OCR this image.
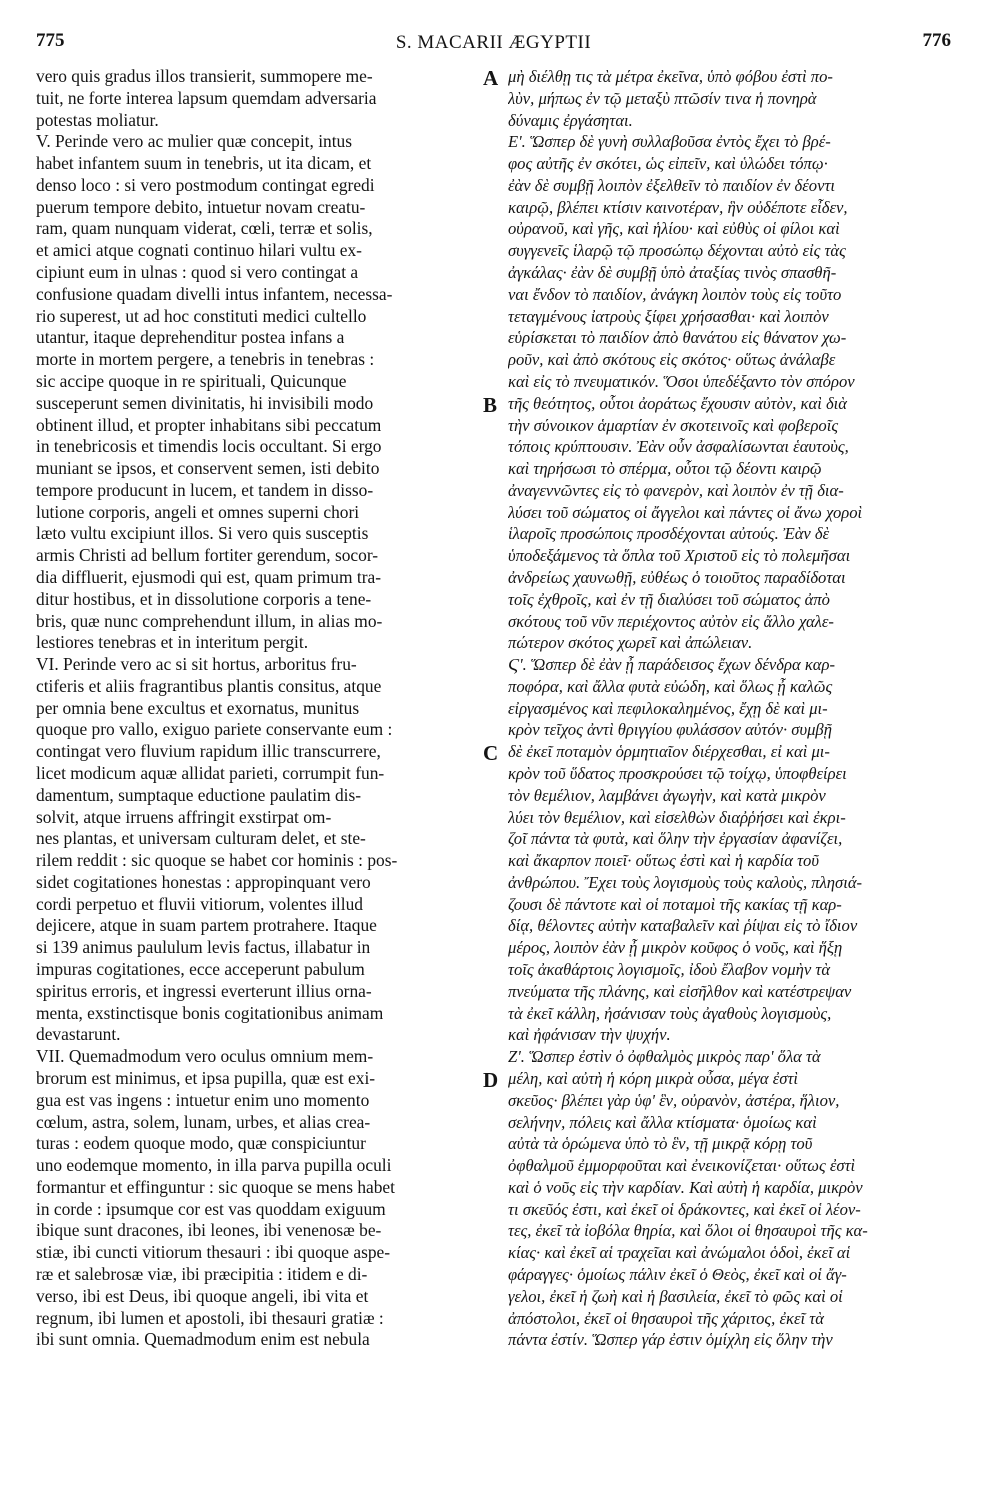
775	S. MACARII ÆGYPTII	776
vero quis gradus illos transierit, summopere me-
tuit, ne forte interea lapsum quemdam adversaria
potestas moliatur.
V. Perinde vero ac mulier quæ concepit, intus
habet infantem suum in tenebris, ut ita dicam, et
denso loco : si vero postmodum contingat egredi
puerum tempore debito, intuetur novam creatu-
ram, quam nunquam viderat, cœli, terræ et solis,
et amici atque cognati continuo hilari vultu ex-
cipiunt eum in ulnas : quod si vero contingat a
confusione quadam divelli intus infantem, necessa-
rio superest, ut ad hoc constituti medici cultello
utantur, itaque deprehenditur postea infans a
morte in mortem pergere, a tenebris in tenebras :
sic accipe quoque in re spirituali, Quicunque
susceperunt semen divinitatis, hi invisibili modo
obtinent illud, et propter inhabitans sibi peccatum
in tenebricosis et timendis locis occultant. Si ergo
muniant se ipsos, et conservent semen, isti debito
tempore producunt in lucem, et tandem in disso-
lutione corporis, angeli et omnes superni chori
læto vultu excipiunt illos. Si vero quis susceptis
armis Christi ad bellum fortiter gerendum, socor-
dia diffluerit, ejusmodi qui est, quam primum tra-
ditur hostibus, et in dissolutione corporis a tene-
bris, quæ nunc comprehendunt illum, in alias mo-
lestiores tenebras et in interitum pergit.
VI. Perinde vero ac si sit hortus, arboritus fru-
ctiferis et aliis fragrantibus plantis consitus, atque
per omnia bene excultus et exornatus, munitus
quoque pro vallo, exiguo pariete conservante eum :
contingat vero fluvium rapidum illic transcurrere,
licet modicum aquæ allidat parieti, corrumpit fun-
damentum, sumptaque eductione paulatim dis-
solvit, atque irruens affringit exstirpat om-
nes plantas, et universam culturam delet, et ste-
rilem reddit : sic quoque se habet cor hominis : pos-
sidet cogitationes honestas : appropinquant vero
cordi perpetuo et fluvii vitiorum, volentes illud
dejicere, atque in suam partem protrahere. Itaque
si 139 animus paululum levis factus, illabatur in
impuras cogitationes, ecce acceperunt pabulum
spiritus erroris, et ingressi everterunt illius orna-
menta, exstinctisque bonis cogitationibus animam
devastarunt.
VII. Quemadmodum vero oculus omnium mem-
brorum est minimus, et ipsa pupilla, quæ est exi-
gua est vas ingens : intuetur enim uno momento
cœlum, astra, solem, lunam, urbes, et alias crea-
turas : eodem quoque modo, quæ conspiciuntur
uno eodemque momento, in illa parva pupilla oculi
formantur et effinguntur : sic quoque se mens habet
in corde : ipsumque cor est vas quoddam exiguum
ibique sunt dracones, ibi leones, ibi venenosæ be-
stiæ, ibi cuncti vitiorum thesauri : ibi quoque aspe-
ræ et salebrosæ viæ, ibi præcipitia : itidem e di-
verso, ibi est Deus, ibi quoque angeli, ibi vita et
regnum, ibi lumen et apostoli, ibi thesauri gratiæ :
ibi sunt omnia. Quemadmodum enim est nebula
μὴ διέλθῃ τις τὰ μέτρα ἐκεῖνα, ὑπὸ φόβου ἐστὶ πο-
λὺν, μήπως ἐν τῷ μεταξὺ πτῶσίν τινα ἡ πονηρὰ
δύναμις ἐργάσηται.
Ε'. Ὥσπερ δὲ γυνὴ συλλαβοῦσα ἐντὸς ἔχει τὸ βρέ-
φος αὐτῆς ἐν σκότει, ὡς εἰπεῖν, καὶ ὑλώδει τόπῳ·
ἐὰν δὲ συμβῇ λοιπὸν ἐξελθεῖν τὸ παιδίον ἐν δέοντι
καιρῷ, βλέπει κτίσιν καινοτέραν, ἣν οὐδέποτε εἶδεν,
οὐρανοῦ, καὶ γῆς, καὶ ἡλίου· καὶ εὐθὺς οἱ φίλοι καὶ
συγγενεῖς ἱλαρῷ τῷ προσώπῳ δέχονται αὐτὸ εἰς τὰς
ἀγκάλας· ἐὰν δὲ συμβῇ ὑπὸ ἀταξίας τινὸς σπασθῆ-
ναι ἔνδον τὸ παιδίον, ἀνάγκη λοιπὸν τοὺς εἰς τοῦτο
τεταγμένους ἰατροὺς ξίφει χρήσασθαι· καὶ λοιπὸν
εὑρίσκεται τὸ παιδίον ἀπὸ θανάτου εἰς θάνατον χω-
ροῦν, καὶ ἀπὸ σκότους εἰς σκότος· οὕτως ἀνάλαβε
καὶ εἰς τὸ πνευματικόν. Ὅσοι ὑπεδέξαντο τὸν σπόρον
τῆς θεότητος, οὗτοι ἀοράτως ἔχουσιν αὐτὸν, καὶ διὰ
τὴν σύνοικον ἁμαρτίαν ἐν σκοτεινοῖς καὶ φοβεροῖς
τόποις κρύπτουσιν. Ἐὰν οὖν ἀσφαλίσωνται ἑαυτοὺς,
καὶ τηρήσωσι τὸ σπέρμα, οὗτοι τῷ δέοντι καιρῷ
ἀναγεννῶντες εἰς τὸ φανερὸν, καὶ λοιπὸν ἐν τῇ δια-
λύσει τοῦ σώματος οἱ ἄγγελοι καὶ πάντες οἱ ἄνω χοροὶ
ἱλαροῖς προσώποις προσδέχονται αὐτούς. Ἐὰν δὲ
ὑποδεξάμενος τὰ ὅπλα τοῦ Χριστοῦ εἰς τὸ πολεμῆσαι
ἀνδρείως χαυνωθῇ, εὐθέως ὁ τοιοῦτος παραδίδοται
τοῖς ἐχθροῖς, καὶ ἐν τῇ διαλύσει τοῦ σώματος ἀπὸ
σκότους τοῦ νῦν περιέχοντος αὐτὸν εἰς ἄλλο χαλε-
πώτερον σκότος χωρεῖ καὶ ἀπώλειαν.
Ϛ'. Ὥσπερ δὲ ἐὰν ᾖ παράδεισος ἔχων δένδρα καρ-
ποφόρα, καὶ ἄλλα φυτὰ εὐώδη, καὶ ὅλως ᾖ καλῶς
εἰργασμένος καὶ πεφιλοκαλημένος, ἔχῃ δὲ καὶ μι-
κρὸν τεῖχος ἀντὶ θριγγίου φυλάσσον αὐτόν· συμβῇ
δὲ ἐκεῖ ποταμὸν ὁρμητιαῖον διέρχεσθαι, εἰ καὶ μι-
κρὸν τοῦ ὕδατος προσκρούσει τῷ τοίχῳ, ὑποφθείρει
τὸν θεμέλιον, λαμβάνει ἀγωγὴν, καὶ κατὰ μικρὸν
λύει τὸν θεμέλιον, καὶ εἰσελθὼν διαῤῥήσει καὶ ἐκρι-
ζοῖ πάντα τὰ φυτὰ, καὶ ὅλην τὴν ἐργασίαν ἀφανίζει,
καὶ ἄκαρπον ποιεῖ· οὕτως ἐστὶ καὶ ἡ καρδία τοῦ
ἀνθρώπου. Ἔχει τοὺς λογισμοὺς τοὺς καλοὺς, πλησιά-
ζουσι δὲ πάντοτε καὶ οἱ ποταμοὶ τῆς κακίας τῇ καρ-
δίᾳ, θέλοντες αὐτὴν καταβαλεῖν καὶ ῥίψαι εἰς τὸ ἴδιον
μέρος, λοιπὸν ἐὰν ᾖ μικρὸν κοῦφος ὁ νοῦς, καὶ ἥξῃ
τοῖς ἀκαθάρτοις λογισμοῖς, ἰδοὺ ἔλαβον νομὴν τὰ
πνεύματα τῆς πλάνης, καὶ εἰσῆλθον καὶ κατέστρεψαν
τὰ ἐκεῖ κάλλη, ἠσάνισαν τοὺς ἀγαθοὺς λογισμοὺς,
καὶ ἠφάνισαν τὴν ψυχήν.
Ζ'. Ὥσπερ ἐστὶν ὁ ὀφθαλμὸς μικρὸς παρ' ὅλα τὰ
μέλη, καὶ αὐτὴ ἡ κόρη μικρὰ οὖσα, μέγα ἐστὶ
σκεῦος· βλέπει γὰρ ὑφ' ἓν, οὐρανὸν, ἀστέρα, ἥλιον,
σελήνην, πόλεις καὶ ἄλλα κτίσματα· ὁμοίως καὶ
αὐτὰ τὰ ὁρώμενα ὑπὸ τὸ ἓν, τῇ μικρᾷ κόρῃ τοῦ
ὀφθαλμοῦ ἐμμορφοῦται καὶ ἐνεικονίζεται· οὕτως ἐστὶ
καὶ ὁ νοῦς εἰς τὴν καρδίαν. Καὶ αὐτὴ ἡ καρδία, μικρὸν
τι σκεῦός ἐστι, καὶ ἐκεῖ οἱ δράκοντες, καὶ ἐκεῖ οἱ λέον-
τες, ἐκεῖ τὰ ἰοβόλα θηρία, καὶ ὅλοι οἱ θησαυροὶ τῆς κα-
κίας· καὶ ἐκεῖ αἱ τραχεῖαι καὶ ἀνώμαλοι ὁδοὶ, ἐκεῖ αἱ
φάραγγες· ὁμοίως πάλιν ἐκεῖ ὁ Θεὸς, ἐκεῖ καὶ οἱ ἄγ-
γελοι, ἐκεῖ ἡ ζωὴ καὶ ἡ βασιλεία, ἐκεῖ τὸ φῶς καὶ οἱ
ἀπόστολοι, ἐκεῖ οἱ θησαυροὶ τῆς χάριτος, ἐκεῖ τὰ
πάντα ἐστίν. Ὥσπερ γάρ ἐστιν ὁμίχλη εἰς ὅλην τὴν
A
B
C
D
